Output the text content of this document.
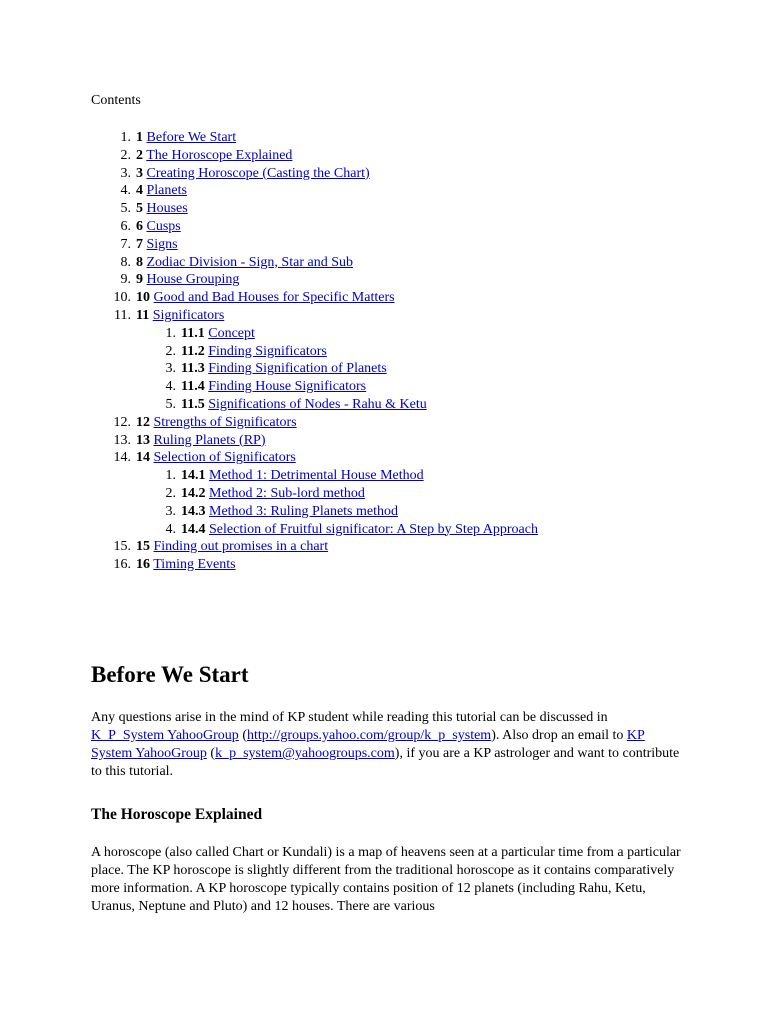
Contents
1. 1 Before We Start
2. 2 The Horoscope Explained
3. 3 Creating Horoscope (Casting the Chart)
4. 4 Planets
5. 5 Houses
6. 6 Cusps
7. 7 Signs
8. 8 Zodiac Division - Sign, Star and Sub
9. 9 House Grouping
10. 10 Good and Bad Houses for Specific Matters
11. 11 Significators
1. 11.1 Concept
2. 11.2 Finding Significators
3. 11.3 Finding Signification of Planets
4. 11.4 Finding House Significators
5. 11.5 Significations of Nodes - Rahu & Ketu
12. 12 Strengths of Significators
13. 13 Ruling Planets (RP)
14. 14 Selection of Significators
1. 14.1 Method 1: Detrimental House Method
2. 14.2 Method 2: Sub-lord method
3. 14.3 Method 3: Ruling Planets method
4. 14.4 Selection of Fruitful significator: A Step by Step Approach
15. 15 Finding out promises in a chart
16. 16 Timing Events
Before We Start

Any questions arise in the mind of KP student while reading this tutorial can be discussed in K_P_System YahooGroup (http://groups.yahoo.com/group/k_p_system). Also drop an email to KP System YahooGroup (k_p_system@yahoogroups.com), if you are a KP astrologer and want to contribute to this tutorial.

The Horoscope Explained

A horoscope (also called Chart or Kundali) is a map of heavens seen at a particular time from a particular place. The KP horoscope is slightly different from the traditional horoscope as it contains comparatively more information. A KP horoscope typically contains position of 12 planets (including Rahu, Ketu, Uranus, Neptune and Pluto) and 12 houses. There are various
